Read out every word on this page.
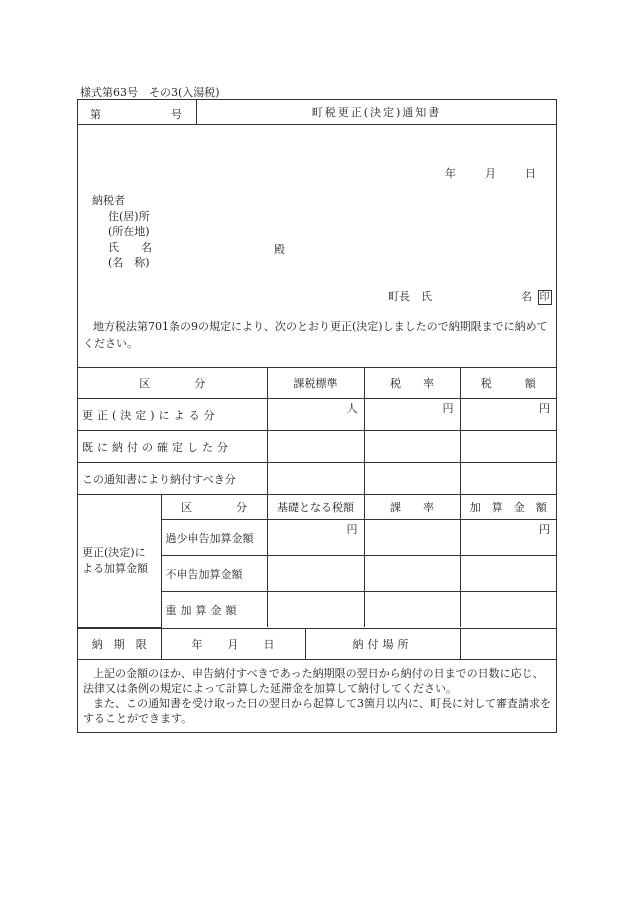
様式第63号　その3(入湯税)
第	号	町税更正(決定)通知書
年	月	日
納税者
住(居)所
(所在地)
氏　　名
(名　称)
殿
町長　氏	名 印
地方税法第701条の9の規定により、次のとおり更正(決定)しましたので納期限までに納めてください。
区　　　　分	課税標準	税　　率	税　　　額
更正(決定)による分	人	円	円
既に納付の確定した分			
この通知書により納付すべき分			
更正(決定)による加算金額	区　　　　分	基礎となる税額	課　　率	加　算　金　額
	過少申告加算金額	円		円
	不申告加算金額			
	重加算金額			
納　期　限	年 月 日	納付場所	

上記の金額のほか、申告納付すべきであった納期限の翌日から納付の日までの日数に応じ、法律又は条例の規定によって計算した延滞金を加算して納付してください。

また、この通知書を受け取った日の翌日から起算して3箇月以内に、町長に対して審査請求をすることができます。
